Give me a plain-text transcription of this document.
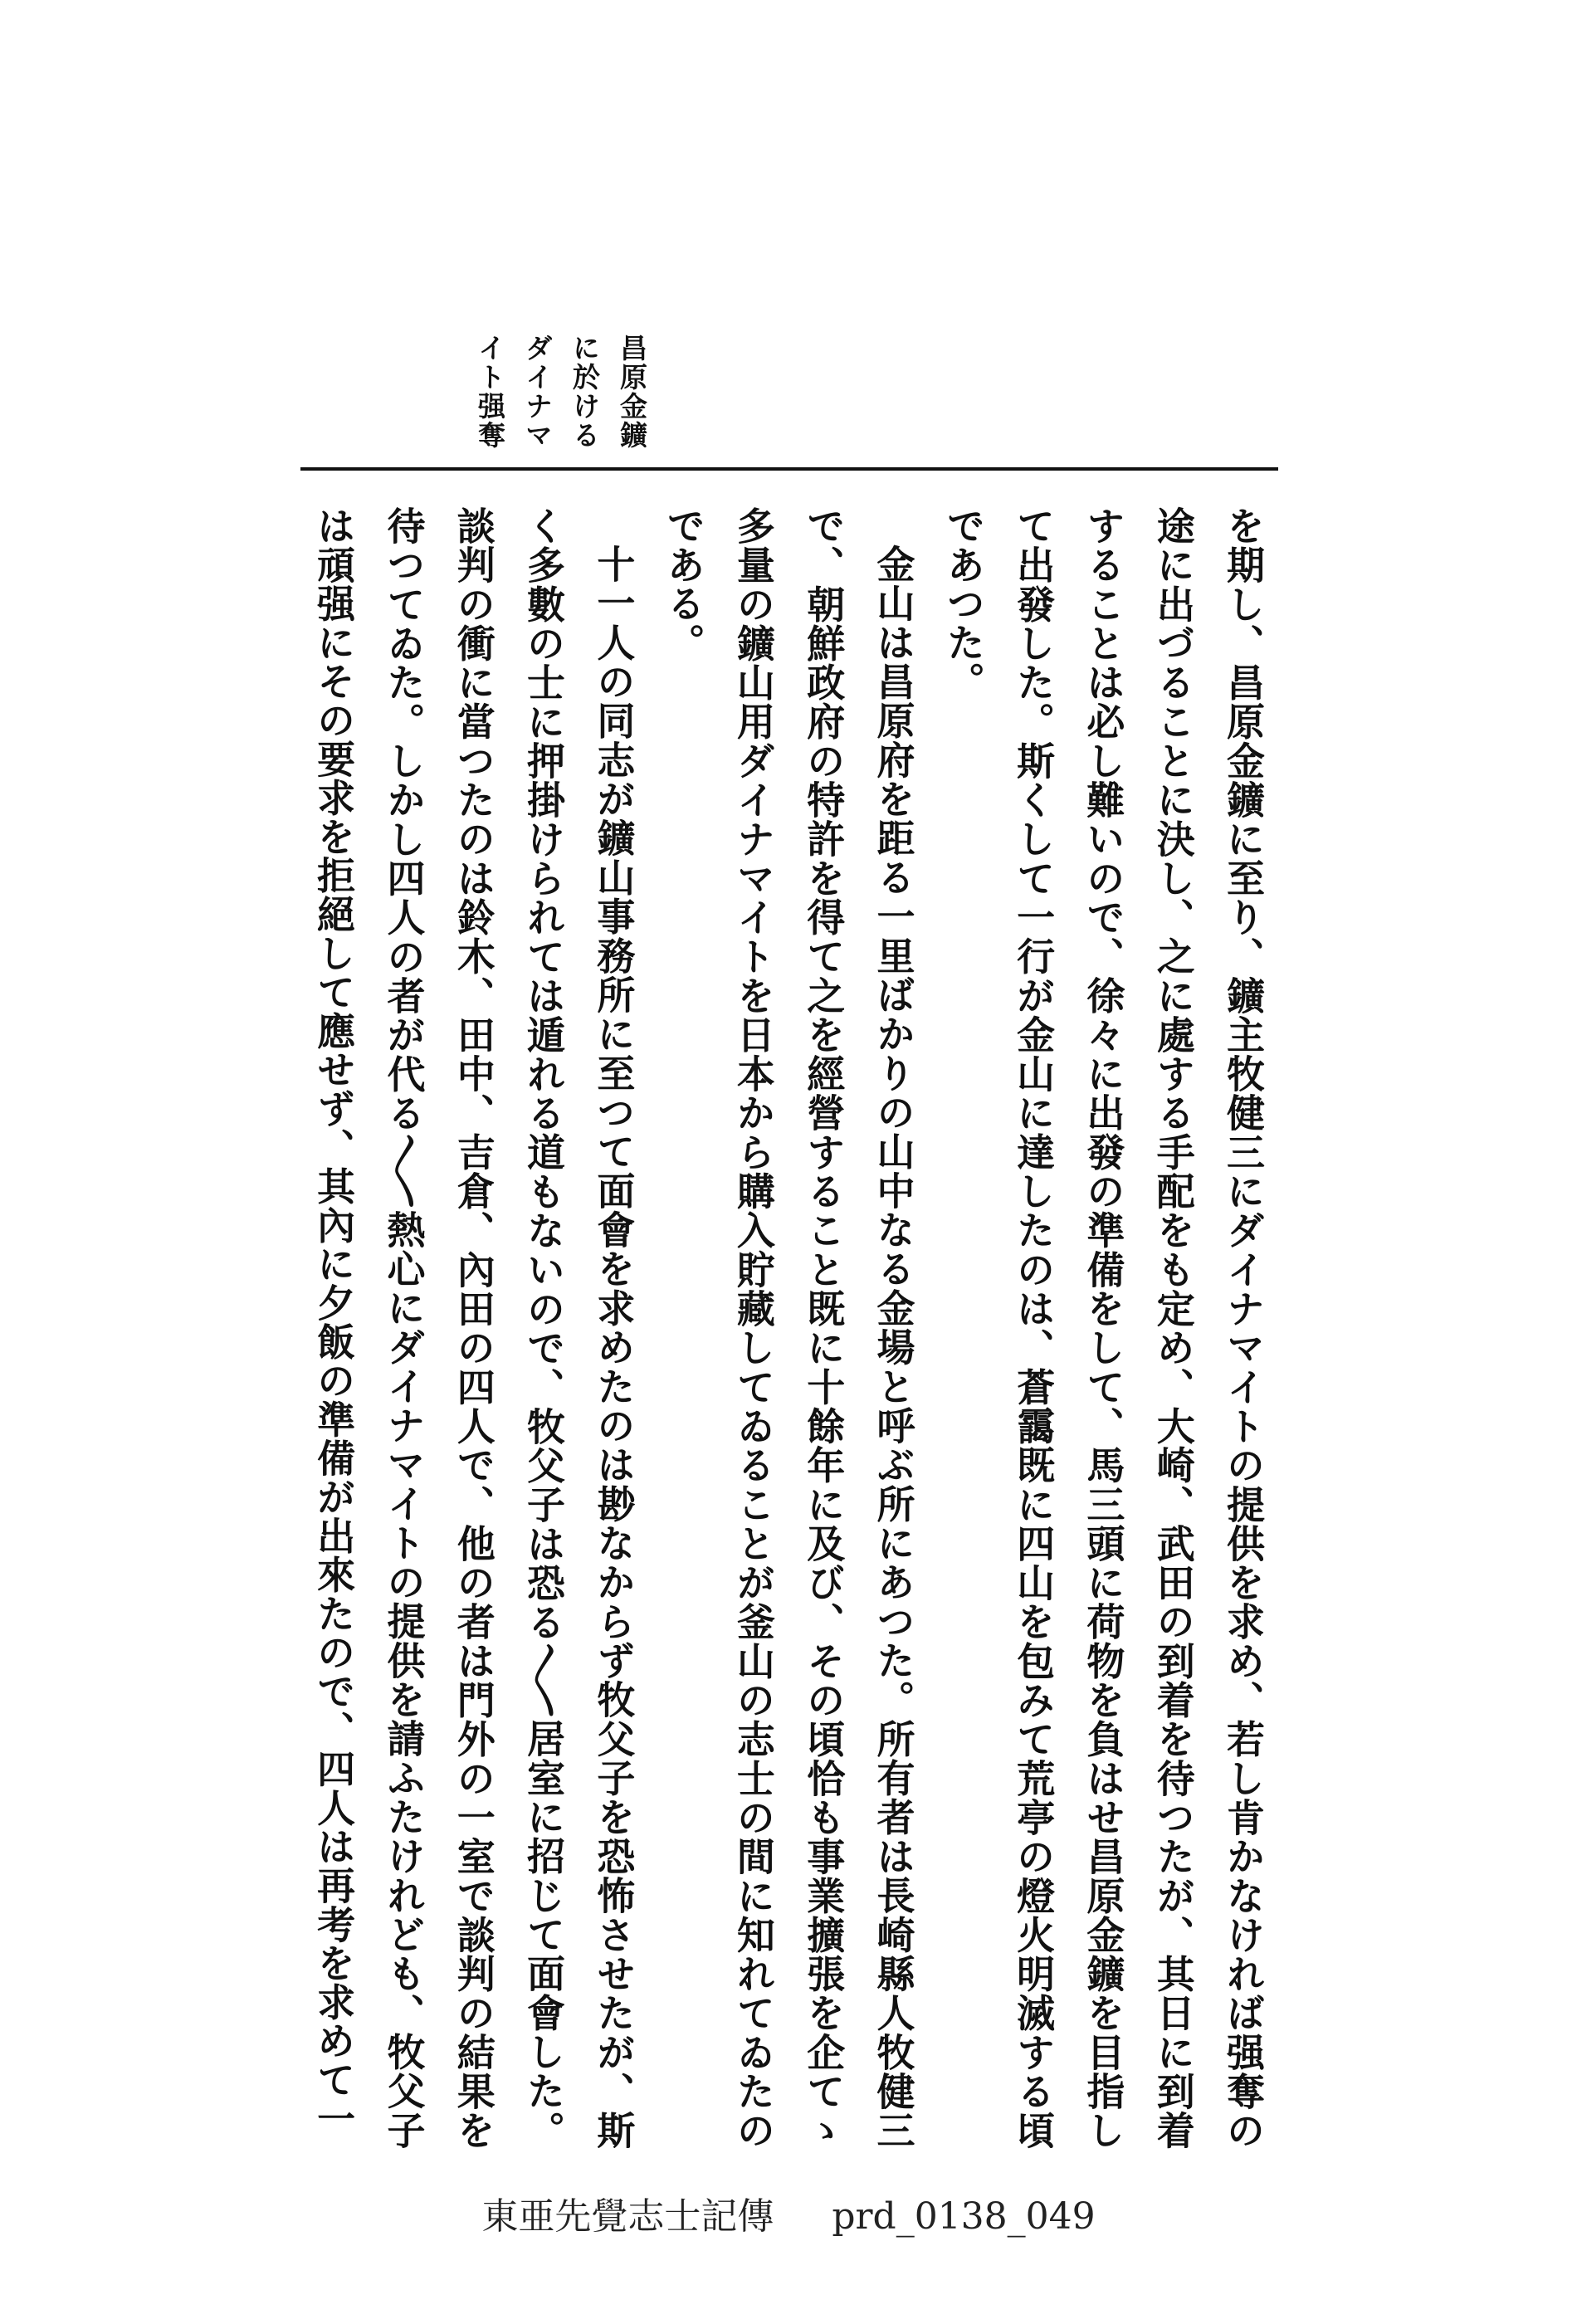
昌原金鑛
に於ける
ダイナマ
イト强奪

を期し、昌原金鑛に至り、鑛主牧健三にダイナマイトの提供を求め、若し肯かなければ强奪の途に出づることに決し、之に處する手配をも定め、大崎、武田の到着を待つたが、其日に到着することは必し難いので、徐々に出發の準備をして、馬三頭に荷物を負はせ昌原金鑛を目指して出發した。斯くして一行が金山に達したのは、蒼靄既に四山を包みて荒亭の燈火明滅する頃であつた。

金山は昌原府を距る一里ばかりの山中なる金場と呼ぶ所にあつた。所有者は長崎縣人牧健三で、朝鮮政府の特許を得て之を經營すること既に十餘年に及び、その頃恰も事業擴張を企てゝ多量の鑛山用ダイナマイトを日本から購入貯藏してゐることが釜山の志士の間に知れてゐたのである。

十一人の同志が鑛山事務所に至つて面會を求めたのは尠なからず牧父子を恐怖させたが、斯く多數の士に押掛けられては遁れる道もないので、牧父子は恐る〳〵居室に招じて面會した。談判の衝に當つたのは鈴木、田中、吉倉、內田の四人で、他の者は門外の一室で談判の結果を待つてゐた。しかし四人の者が代る〳〵熱心にダイナマイトの提供を請ふたけれども、牧父子は頑强にその要求を拒絕して應せず、其內に夕飯の準備が出來たので、四人は再考を求めて一

東亜先覺志士記傳 prd_0138_049
